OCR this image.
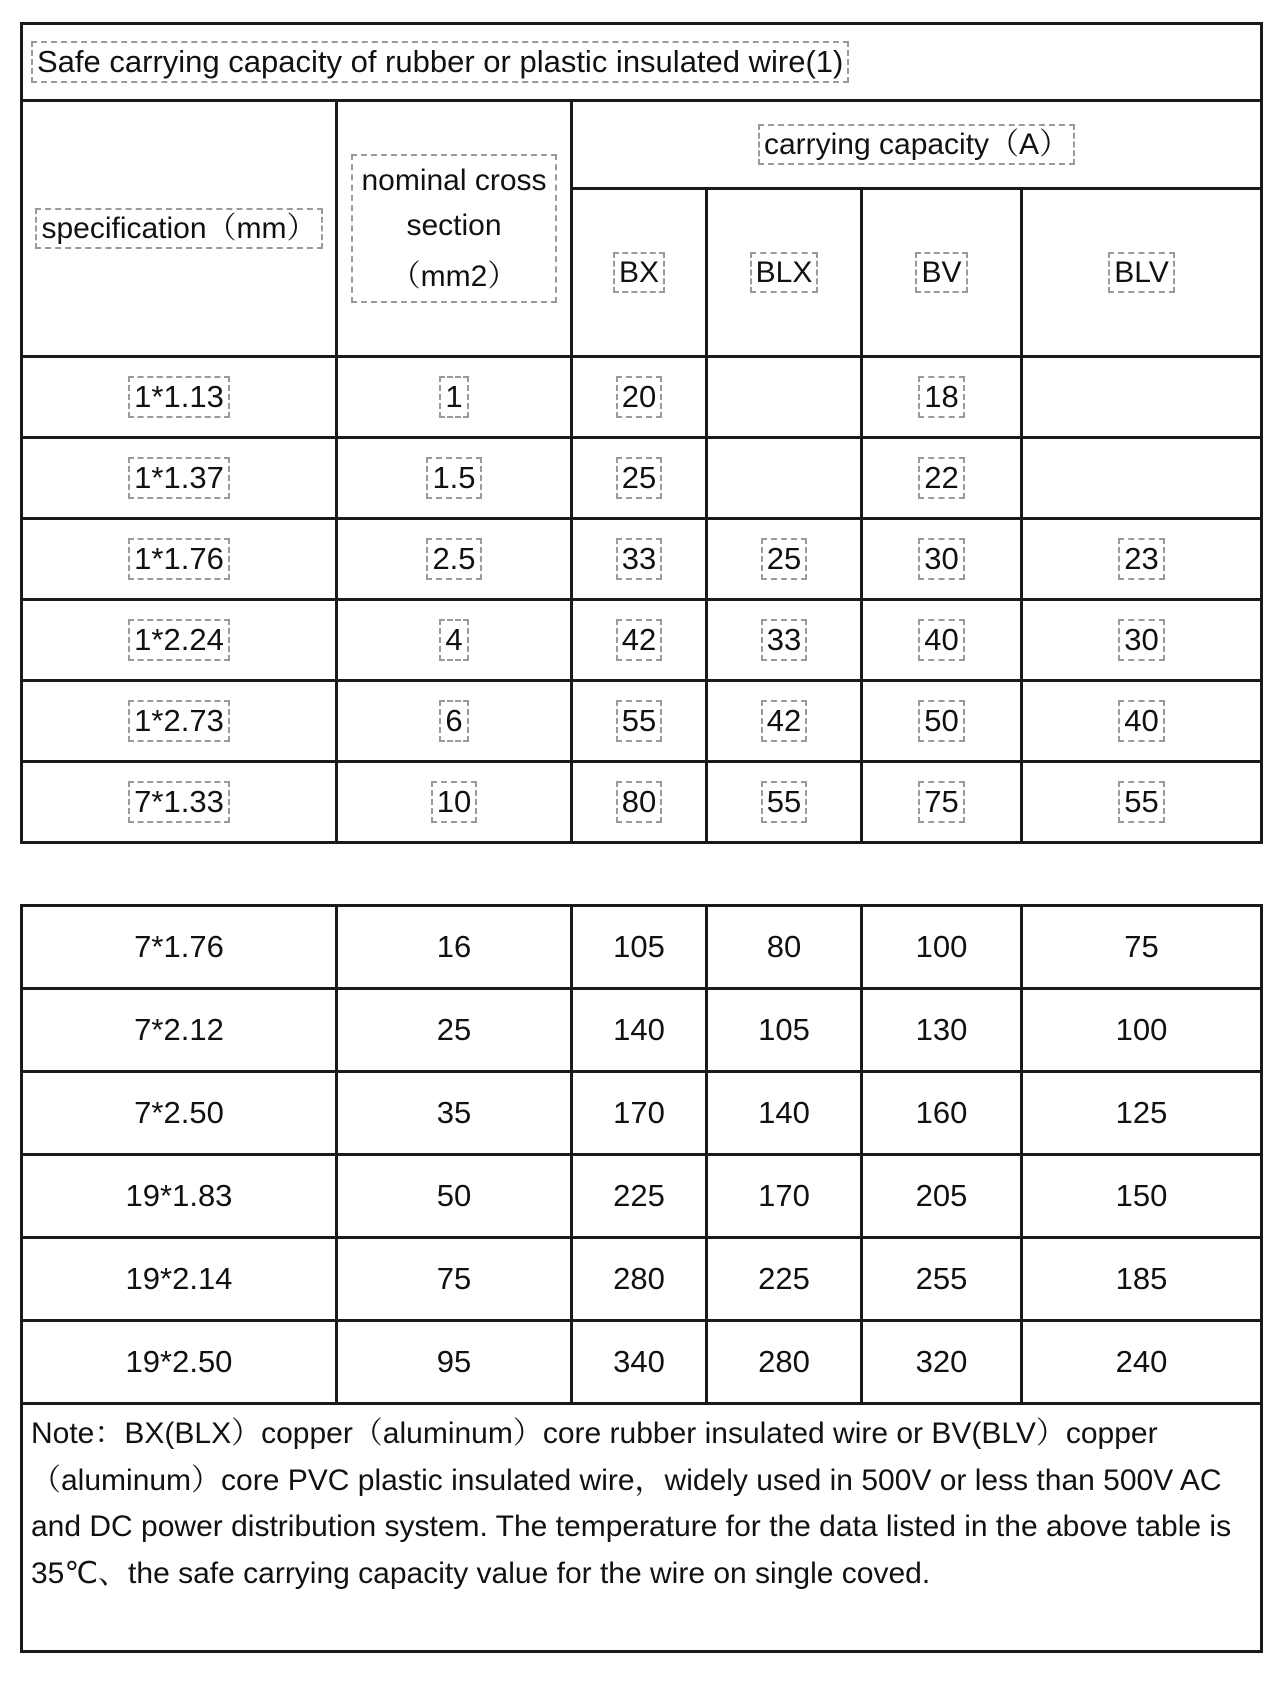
Safe carrying capacity of rubber or plastic insulated wire(1)					
specification（mm）	nominal cross
section
（mm2）	carrying capacity（A）			
		BX	BLX	BV	BLV
1*1.13	1	20		18	
1*1.37	1.5	25		22	
1*1.76	2.5	33	25	30	23
1*2.24	4	42	33	40	30
1*2.73	6	55	42	50	40
7*1.33	10	80	55	75	55
7*1.76	16	105	80	100	75
7*2.12	25	140	105	130	100
7*2.50	35	170	140	160	125
19*1.83	50	225	170	205	150
19*2.14	75	280	225	255	185
19*2.50	95	340	280	320	240
Note：BX(BLX）copper（aluminum）core rubber insulated wire or BV(BLV）copper（aluminum）core PVC plastic insulated wire，widely used in 500V or less than 500V AC and DC power distribution system. The temperature for the data listed in the above table is 35℃、the safe carrying capacity value for the wire on single coved.					
